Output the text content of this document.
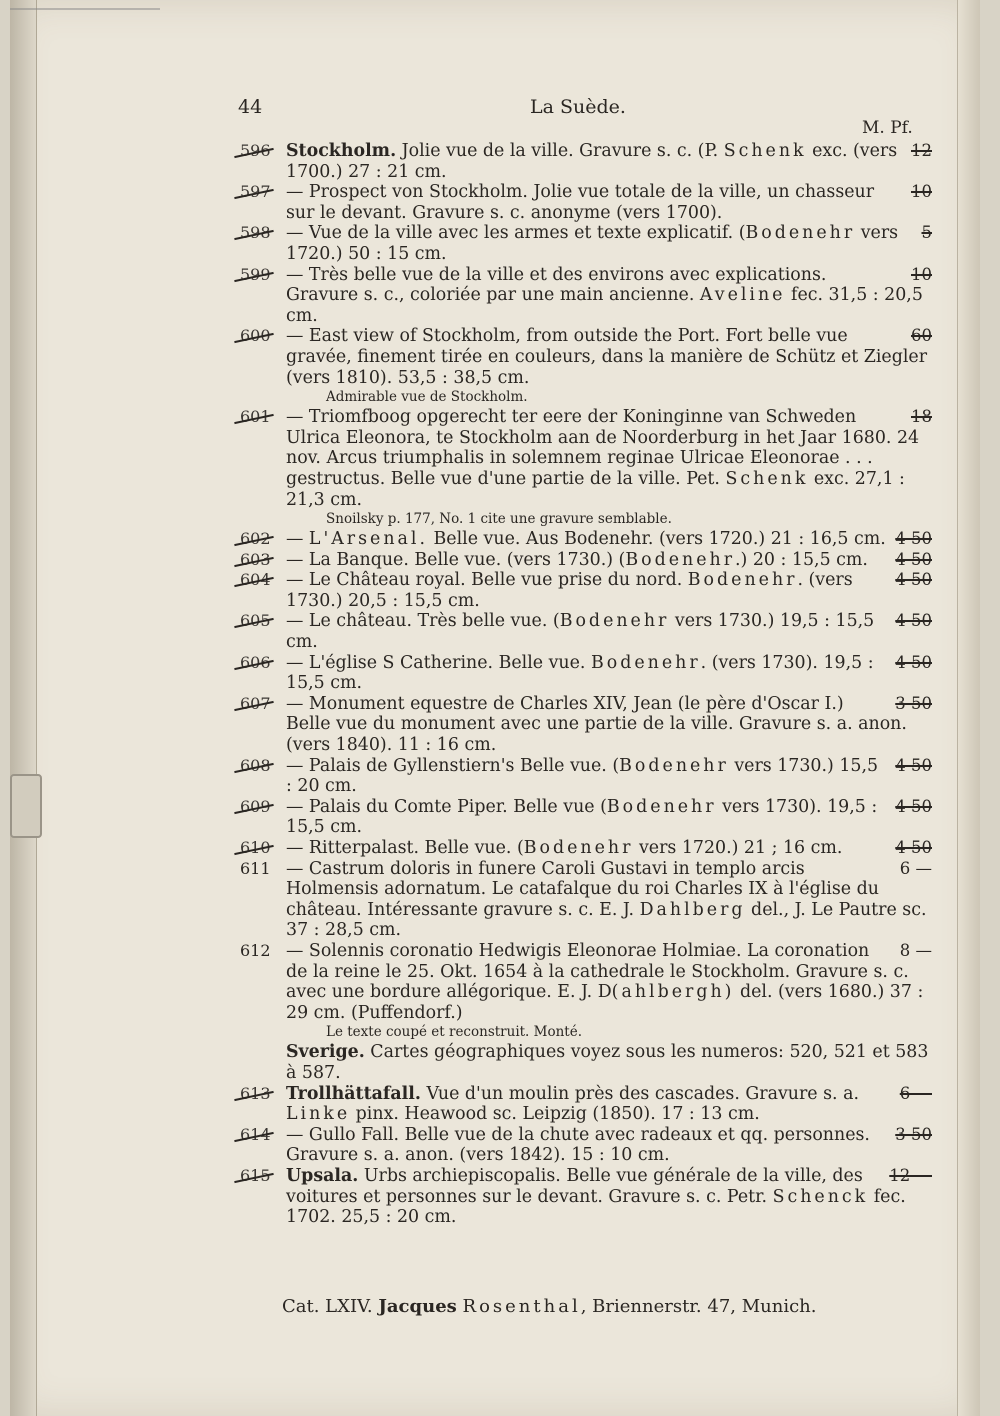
44	La Suède.
M. Pf.
12
596 Stockholm. Jolie vue de la ville. Gravure s. c. (P. Schenk exc. (vers 1700.) 27 : 21 cm.
10
597 — Prospect von Stockholm. Jolie vue totale de la ville, un chasseur sur le devant. Gravure s. c. anonyme (vers 1700).
5
598 — Vue de la ville avec les armes et texte explicatif. (Bodenehr vers 1720.) 50 : 15 cm.
10
599 — Très belle vue de la ville et des environs avec explications. Gravure s. c., coloriée par une main ancienne. Aveline fec. 31,5 : 20,5 cm.
60
600 — East view of Stockholm, from outside the Port. Fort belle vue gravée, finement tirée en couleurs, dans la manière de Schütz et Ziegler (vers 1810). 53,5 : 38,5 cm.
Admirable vue de Stockholm.
18
601 — Triomfboog opgerecht ter eere der Koninginne van Schweden Ulrica Eleonora, te Stockholm aan de Noorderburg in het Jaar 1680. 24 nov. Arcus triumphalis in solemnem reginae Ulricae Eleonorae . . . gestructus. Belle vue d'une partie de la ville. Pet. Schenk exc. 27,1 : 21,3 cm.
Snoilsky p. 177, No. 1 cite une gravure semblable.
4 50
602 — L'Arsenal. Belle vue. Aus Bodenehr. (vers 1720.) 21 : 16,5 cm.
4 50
603 — La Banque. Belle vue. (vers 1730.) (Bodenehr.) 20 : 15,5 cm.
4 50
604 — Le Château royal. Belle vue prise du nord. Bodenehr. (vers 1730.) 20,5 : 15,5 cm.
4 50
605 — Le château. Très belle vue. (Bodenehr vers 1730.) 19,5 : 15,5 cm.
4 50
606 — L'église S Catherine. Belle vue. Bodenehr. (vers 1730). 19,5 : 15,5 cm.
3 50
607 — Monument equestre de Charles XIV, Jean (le père d'Oscar I.) Belle vue du monument avec une partie de la ville. Gravure s. a. anon. (vers 1840). 11 : 16 cm.
4 50
608 — Palais de Gyllenstiern's Belle vue. (Bodenehr vers 1730.) 15,5 : 20 cm.
4 50
609 — Palais du Comte Piper. Belle vue (Bodenehr vers 1730). 19,5 : 15,5 cm.
4 50
610 — Ritterpalast. Belle vue. (Bodenehr vers 1720.) 21 ; 16 cm.
6 —
611 — Castrum doloris in funere Caroli Gustavi in templo arcis Holmensis adornatum. Le catafalque du roi Charles IX à l'église du château. Intéressante gravure s. c. E. J. Dahlberg del., J. Le Pautre sc. 37 : 28,5 cm.
8 —
612 — Solennis coronatio Hedwigis Eleonorae Holmiae. La coronation de la reine le 25. Okt. 1654 à la cathedrale le Stockholm. Gravure s. c. avec une bordure allégorique. E. J. D(ahlbergh) del. (vers 1680.) 37 : 29 cm. (Puffendorf.)
Le texte coupé et reconstruit. Monté.
Sverige. Cartes géographiques voyez sous les numeros: 520, 521 et 583 à 587.
6 —
613 Trollhättafall. Vue d'un moulin près des cascades. Gravure s. a. Linke pinx. Heawood sc. Leipzig (1850). 17 : 13 cm.
3 50
614 — Gullo Fall. Belle vue de la chute avec radeaux et qq. personnes. Gravure s. a. anon. (vers 1842). 15 : 10 cm.
12 —
615 Upsala. Urbs archiepiscopalis. Belle vue générale de la ville, des voitures et personnes sur le devant. Gravure s. c. Petr. Schenck fec. 1702. 25,5 : 20 cm.
Cat. LXIV. Jacques Rosenthal, Briennerstr. 47, Munich.
